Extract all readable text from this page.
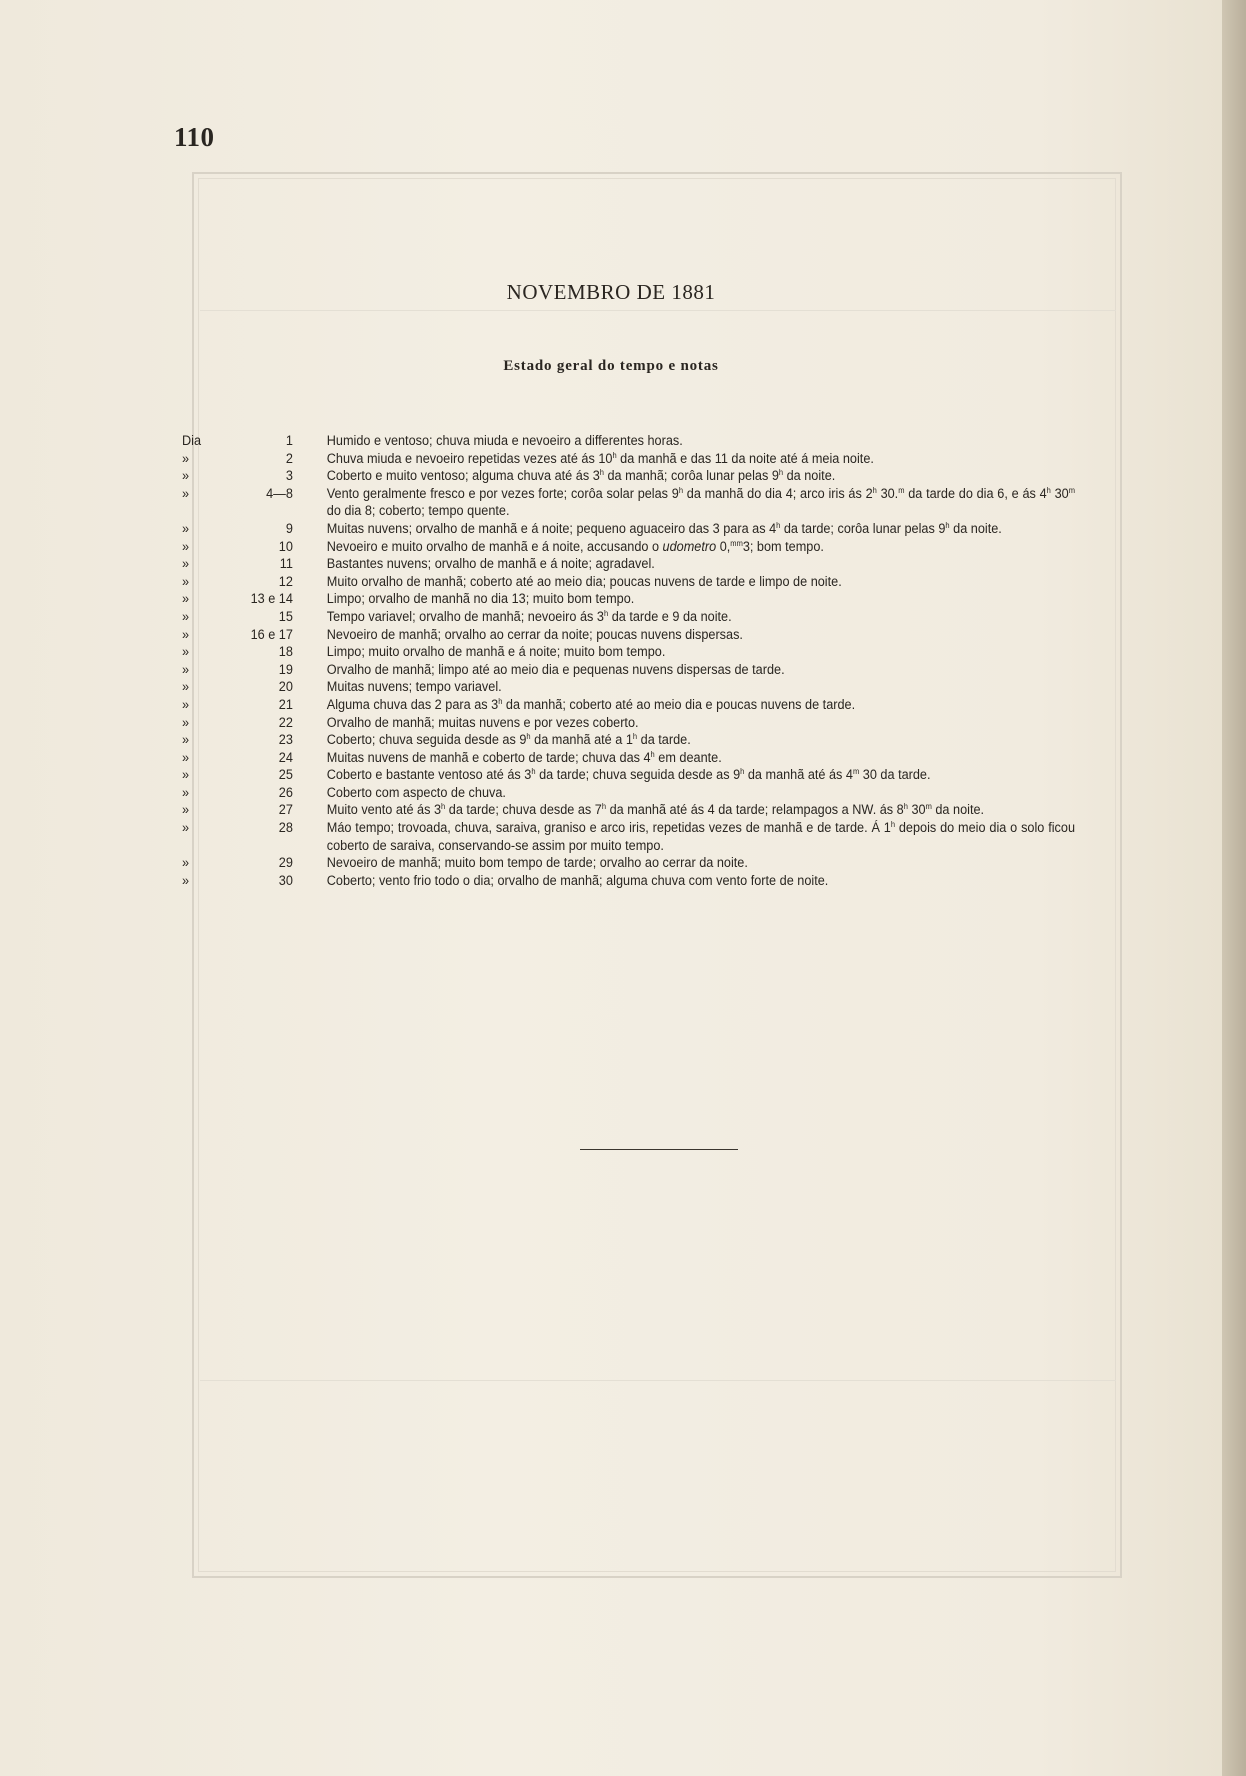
110
NOVEMBRO DE 1881
Estado geral do tempo e notas
Dia	1	Humido e ventoso; chuva miuda e nevoeiro a differentes horas.
»	2	Chuva miuda e nevoeiro repetidas vezes até ás 10$^h$ da manhã e das 11 da noite até á meia noite.
»	3	Coberto e muito ventoso; alguma chuva até ás 3$^h$ da manhã; corôa lunar pelas 9$^h$ da noite.
»	4—8	Vento geralmente fresco e por vezes forte; corôa solar pelas 9$^h$ da manhã do dia 4; arco iris ás 2$^h$ 30.$^m$ da tarde do dia 6, e ás 4$^h$ 30$^m$ do dia 8; coberto; tempo quente.
»	9	Muitas nuvens; orvalho de manhã e á noite; pequeno aguaceiro das 3 para as 4$^h$ da tarde; corôa lunar pelas 9$^h$ da noite.
»	10	Nevoeiro e muito orvalho de manhã e á noite, accusando o udometro 0,$^{mm}$3; bom tempo.
»	11	Bastantes nuvens; orvalho de manhã e á noite; agradavel.
»	12	Muito orvalho de manhã; coberto até ao meio dia; poucas nuvens de tarde e limpo de noite.
»	13 e 14	Limpo; orvalho de manhã no dia 13; muito bom tempo.
»	15	Tempo variavel; orvalho de manhã; nevoeiro ás 3$^h$ da tarde e 9 da noite.
»	16 e 17	Nevoeiro de manhã; orvalho ao cerrar da noite; poucas nuvens dispersas.
»	18	Limpo; muito orvalho de manhã e á noite; muito bom tempo.
»	19	Orvalho de manhã; limpo até ao meio dia e pequenas nuvens dispersas de tarde.
»	20	Muitas nuvens; tempo variavel.
»	21	Alguma chuva das 2 para as 3$^h$ da manhã; coberto até ao meio dia e poucas nuvens de tarde.
»	22	Orvalho de manhã; muitas nuvens e por vezes coberto.
»	23	Coberto; chuva seguida desde as 9$^h$ da manhã até a 1$^h$ da tarde.
»	24	Muitas nuvens de manhã e coberto de tarde; chuva das 4$^h$ em deante.
»	25	Coberto e bastante ventoso até ás 3$^h$ da tarde; chuva seguida desde as 9$^h$ da manhã até ás 4$^m$ 30 da tarde.
»	26	Coberto com aspecto de chuva.
»	27	Muito vento até ás 3$^h$ da tarde; chuva desde as 7$^h$ da manhã até ás 4 da tarde; relampagos a NW. ás 8$^h$ 30$^m$ da noite.
»	28	Máo tempo; trovoada, chuva, saraiva, graniso e arco iris, repetidas vezes de manhã e de tarde. Á 1$^h$ depois do meio dia o solo ficou coberto de saraiva, conservando-se assim por muito tempo.
»	29	Nevoeiro de manhã; muito bom tempo de tarde; orvalho ao cerrar da noite.
»	30	Coberto; vento frio todo o dia; orvalho de manhã; alguma chuva com vento forte de noite.
